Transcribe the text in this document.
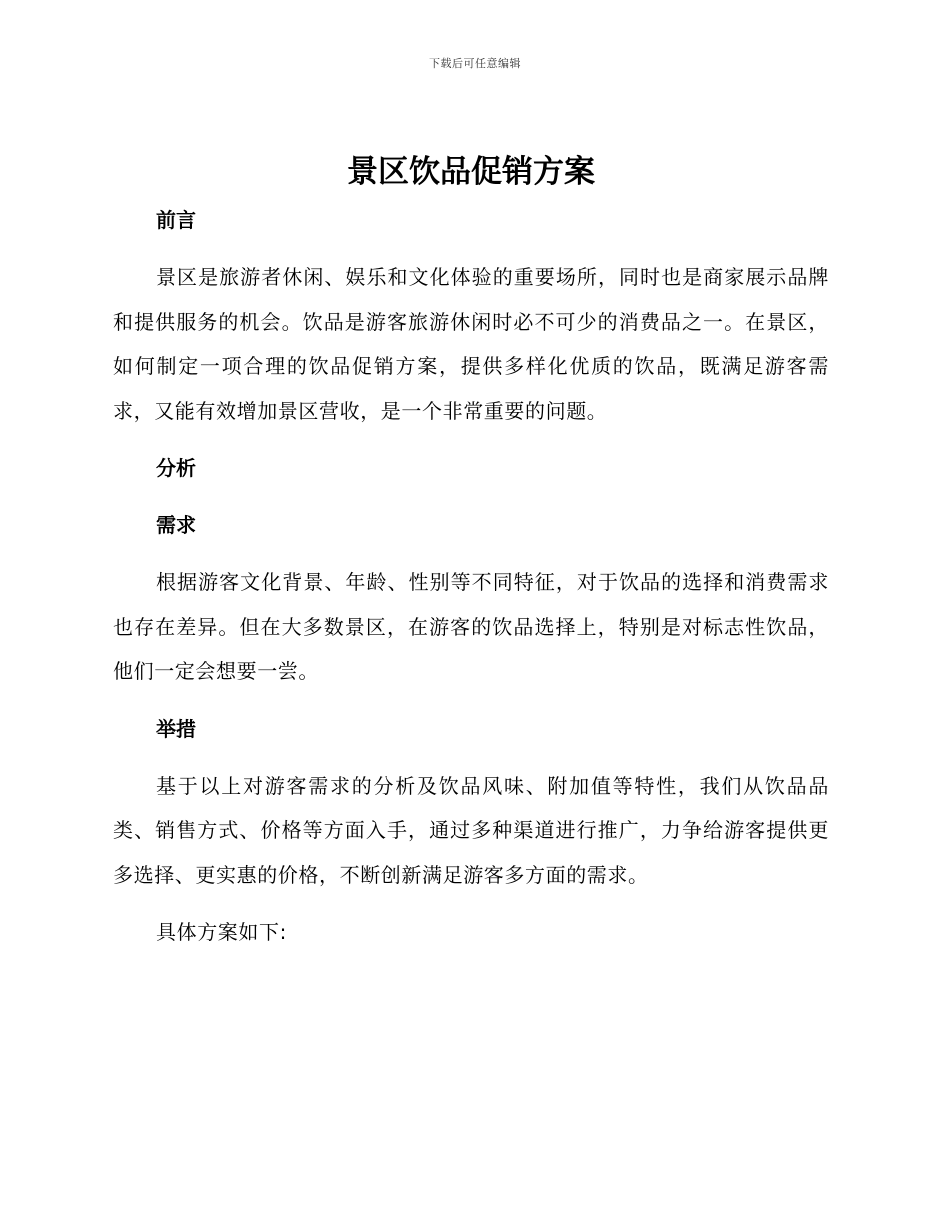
下载后可任意编辑
景区饮品促销方案
前言

景区是旅游者休闲、娱乐和文化体验的重要场所，同时也是商家展示品牌和提供服务的机会。饮品是游客旅游休闲时必不可少的消费品之一。在景区，如何制定一项合理的饮品促销方案，提供多样化优质的饮品，既满足游客需求，又能有效增加景区营收，是一个非常重要的问题。

分析
需求

根据游客文化背景、年龄、性别等不同特征，对于饮品的选择和消费需求也存在差异。但在大多数景区，在游客的饮品选择上，特别是对标志性饮品，他们一定会想要一尝。

举措

基于以上对游客需求的分析及饮品风味、附加值等特性，我们从饮品品类、销售方式、价格等方面入手，通过多种渠道进行推广，力争给游客提供更多选择、更实惠的价格，不断创新满足游客多方面的需求。

具体方案如下:
